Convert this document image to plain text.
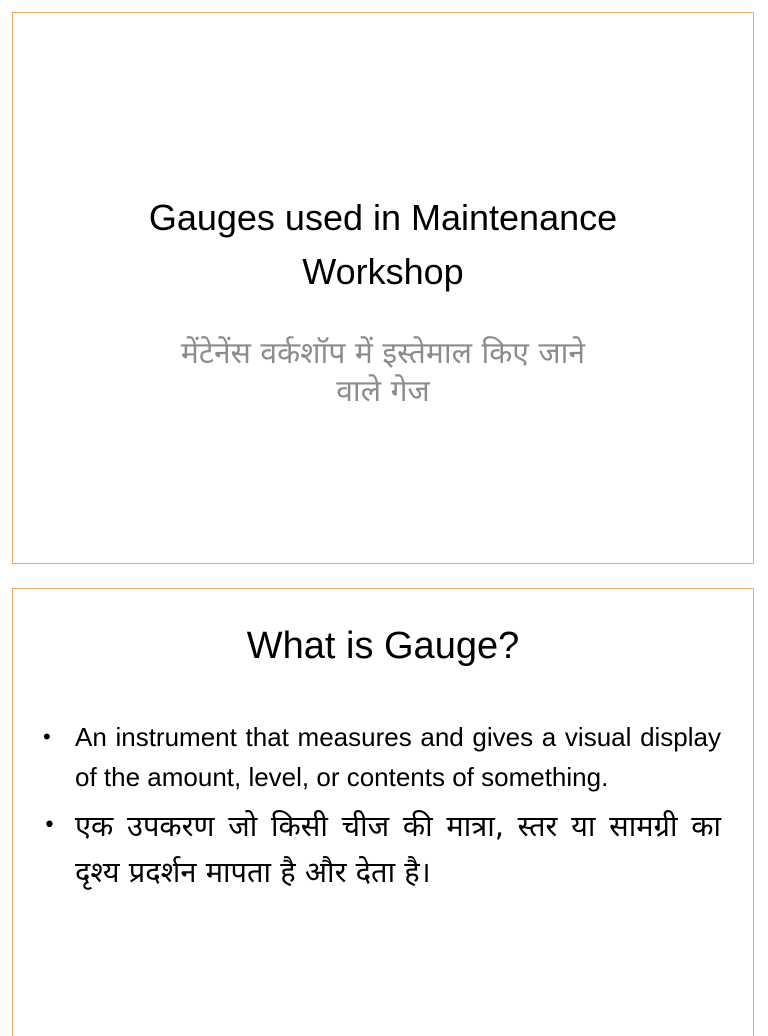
Gauges used in Maintenance
Workshop
मेंटेनेंस वर्कशॉप में इस्तेमाल किए जाने
वाले गेज
What is Gauge?
• An instrument that measures and gives a visual display of the amount, level, or contents of something.
• एक उपकरण जो किसी चीज की मात्रा, स्तर या सामग्री का दृश्य प्रदर्शन मापता है और देता है।
